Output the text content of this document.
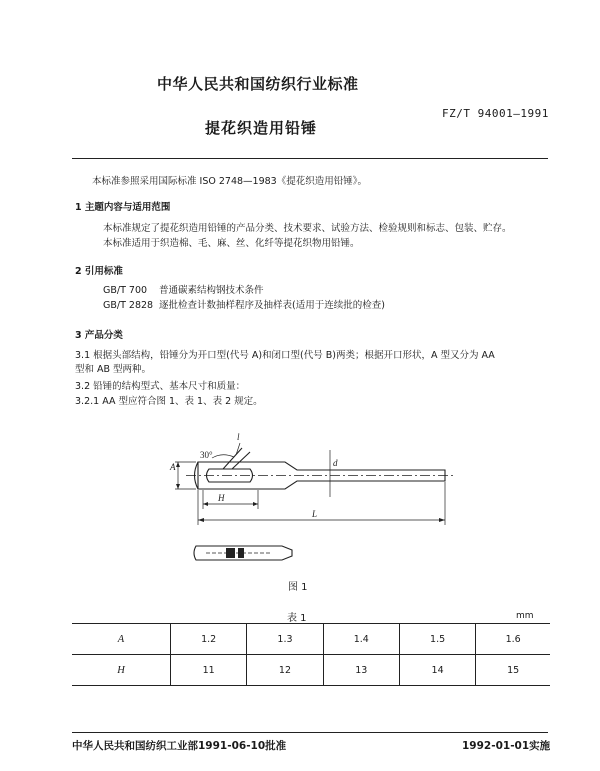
中华人民共和国纺织行业标准
FZ/T 94001—1991
提花织造用铅锤
本标准参照采用国际标准 ISO 2748—1983《提花织造用铅锤》。
1 主题内容与适用范围
本标准规定了提花织造用铅锤的产品分类、技术要求、试验方法、检验规则和标志、包装、贮存。
本标准适用于织造棉、毛、麻、丝、化纤等提花织物用铅锤。
2 引用标准
GB/T 700 普通碳素结构钢技术条件
GB/T 2828 逐批检查计数抽样程序及抽样表(适用于连续批的检查)
3 产品分类
3.1 根据头部结构，铅锤分为开口型(代号 A)和闭口型(代号 B)两类；根据开口形状，A 型又分为 AA
型和 AB 型两种。
3.2 铅锤的结构型式、基本尺寸和质量：
3.2.1 AA 型应符合图 1、表 1、表 2 规定。
30°
l
A	d
H
L
图 1
表 1	mm
A	1.2	1.3	1.4	1.5	1.6
H	11	12	13	14	15
中华人民共和国纺织工业部1991-06-10批准	1992-01-01实施
